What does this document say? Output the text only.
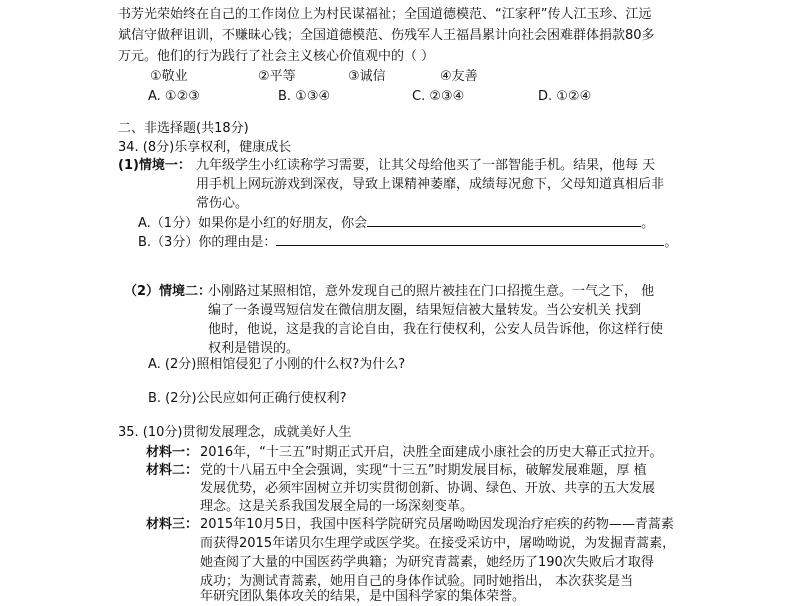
书芳光荣始终在自己的工作岗位上为村民谋福祉；全国道德模范、“江家秤”传人江玉珍、江远
斌信守做秤诅训，不赚昧心钱；全国道德模范、伤残军人王福昌累计向社会困难群体捐款80多
万元。他们的行为践行了社会主义核心价值观中的（ ）
①敬业	②平等	③诚信	④友善
A. ①②③	B. ①③④	C. ②③④	D. ①②④
二、非选择题(共18分)
34. (8分)乐享权利，健康成长
(1)情境一： 九年级学生小红读称学习需要，让其父母给他买了一部智能手机。结果，他每 天
用手机上网玩游戏到深夜，导致上课精神萎靡，成绩每况愈下，父母知道真相后非
常伤心。
A.（1分）如果你是小红的好朋友，你会	。
B.（3分）你的理由是：	。
（2）情境二：
小刚路过某照相馆，意外发现自己的照片被挂在门口招揽生意。一气之下， 他
编了一条谩骂短信发在微信朋友圈，结果短信被大量转发。当公安机关 找到
他时，他说，这是我的言论自由，我在行使权利，公安人员告诉他，你这样行使
权利是错误的。
A. (2分)照相馆侵犯了小刚的什么权?为什么?
B. (2分)公民应如何正确行使权利?
35. (10分)贯彻发展理念，成就美好人生
材料一： 2016年，“十三五”时期正式开启，决胜全面建成小康社会的历史大幕正式拉开。
材料二： 党的十八届五中全会强调，实现“十三五”时期发展目标，破解发展难题，厚 植
发展优势，必须牢固树立并切实贯彻创新、协调、绿色、开放、共享的五大发展
理念。这是关系我国发展全局的一场深刻变革。
材料三： 2015年10月5日，我国中医科学院研究员屠呦呦因发现治疗疟疾的药物——青蒿素
而获得2015年诺贝尔生理学或医学奖。在接受采访中，屠呦呦说，为发掘青蒿素，
她查阅了大量的中国医药学典籍；为研究青蒿素，她经历了190次失败后才取得
成功；为测试青蒿素，她用自己的身体作试验。同时她指出， 本次获奖是当
年研究团队集体攻关的结果，是中国科学家的集体荣誉。
